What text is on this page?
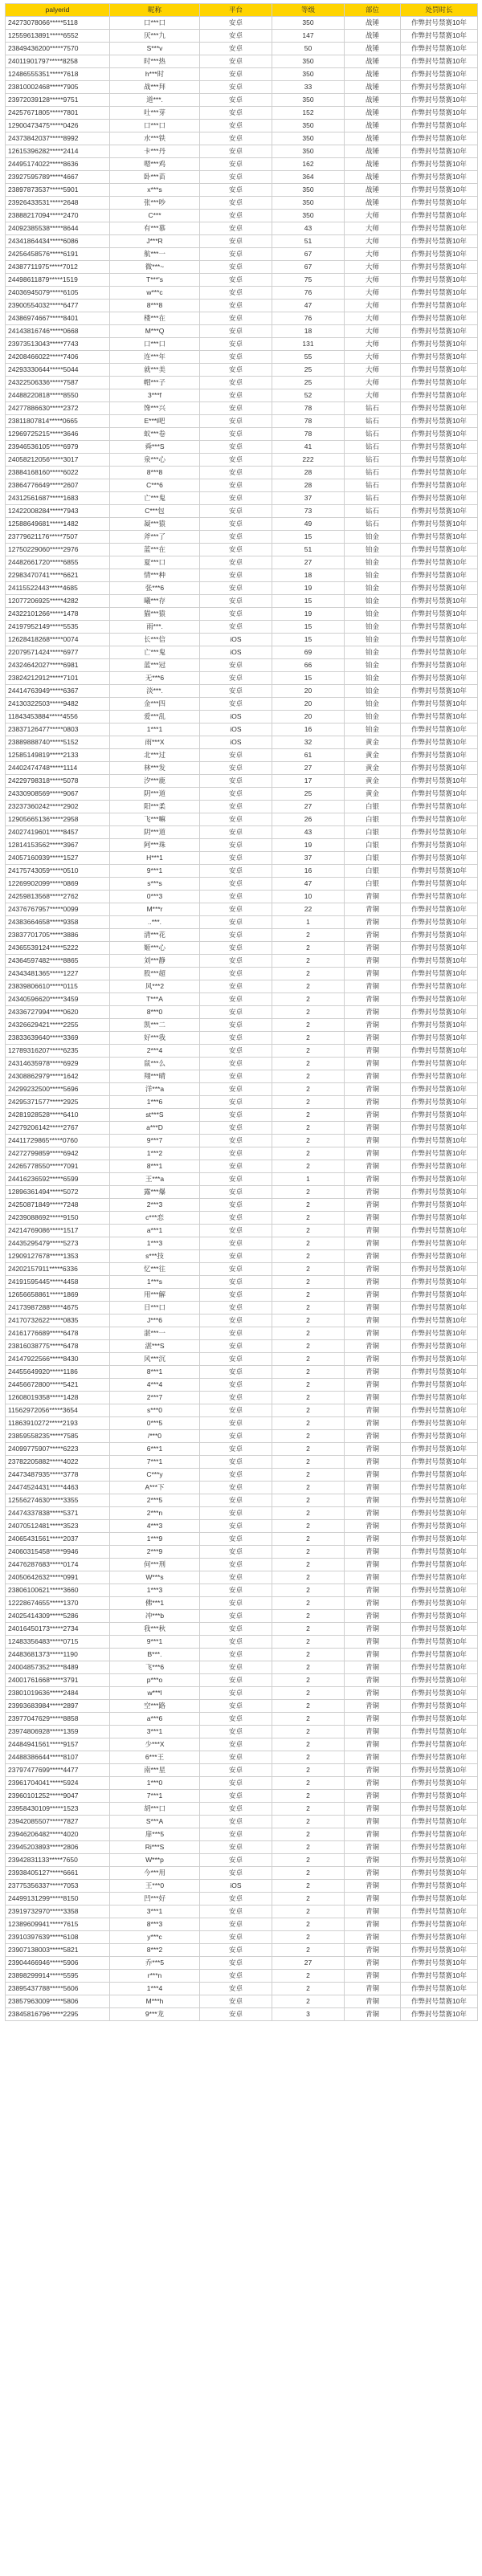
palyerid	昵称	平台	等级	部位	处罚时长
24273078066*****5118	口***口	安卓	350	战锤	作弊封号禁赛10年
12559613891*****6552	厌***九	安卓	147	战锤	作弊封号禁赛10年
23849436200*****7570	S***v	安卓	50	战锤	作弊封号禁赛10年
24011901797*****8258	时***热	安卓	350	战锤	作弊封号禁赛10年
12486555351*****7618	h***时	安卓	350	战锤	作弊封号禁赛10年
23810002468*****7905	战***拜	安卓	33	战锤	作弊封号禁赛10年
23972039128*****9751	道***.	安卓	350	战锤	作弊封号禁赛10年
24257671805*****7801	吐***芽	安卓	152	战锤	作弊封号禁赛10年
12900473475*****0426	口***口	安卓	350	战锤	作弊封号禁赛10年
24373842037*****8992	水***铁	安卓	350	战锤	作弊封号禁赛10年
12615396282*****2414	卡***丹	安卓	350	战锤	作弊封号禁赛10年
24495174022*****8636	嗯***鸡	安卓	162	战锤	作弊封号禁赛10年
23927595789*****4667	卧***苗	安卓	364	战锤	作弊封号禁赛10年
23897873537*****5901	x***s	安卓	350	战锤	作弊封号禁赛10年
23926433531*****2648	张***吵	安卓	350	战锤	作弊封号禁赛10年
23888217094*****2470	C***	安卓	350	大师	作弊封号禁赛10年
24092385538*****8644	有***慕	安卓	43	大师	作弊封号禁赛10年
24341864434*****6086	J***R	安卓	51	大师	作弊封号禁赛10年
24256458576*****6191	航***一	安卓	67	大师	作弊封号禁赛10年
24387711975*****7012	微***~	安卓	67	大师	作弊封号禁赛10年
24498611879*****1519	T***'s	安卓	75	大师	作弊封号禁赛10年
24036945079*****6105	w***c	安卓	76	大师	作弊封号禁赛10年
23900554032*****6477	8***8	安卓	47	大师	作弊封号禁赛10年
24386974667*****8401	楼***在	安卓	76	大师	作弊封号禁赛10年
24143816746*****0668	M***Q	安卓	18	大师	作弊封号禁赛10年
23973513043*****7743	口***口	安卓	131	大师	作弊封号禁赛10年
24208466022*****7406	连***年	安卓	55	大师	作弊封号禁赛10年
24293330644*****5044	就***美	安卓	25	大师	作弊封号禁赛10年
24322506336*****7587	帽***子	安卓	25	大师	作弊封号禁赛10年
24488220818*****8550	3***f	安卓	52	大师	作弊封号禁赛10年
24277886630*****2372	馋***兴	安卓	78	钻石	作弊封号禁赛10年
23811807814*****0665	E***l吧	安卓	78	钻石	作弊封号禁赛10年
12969725215*****3646	蚁***卷	安卓	78	钻石	作弊封号禁赛10年
23946536105*****6979	舜***S	安卓	41	钻石	作弊封号禁赛10年
24058212056*****3017	泉***心	安卓	222	钻石	作弊封号禁赛10年
23884168160*****6022	8***8	安卓	28	钻石	作弊封号禁赛10年
23864776649*****2607	C***6	安卓	28	钻石	作弊封号禁赛10年
24312561687*****1683	亡***鬼	安卓	37	钻石	作弊封号禁赛10年
12422008284*****7943	C***包	安卓	73	钻石	作弊封号禁赛10年
12588649681*****1482	凝***猿	安卓	49	钻石	作弊封号禁赛10年
23779621176*****7507	斧***了	安卓	15	铂金	作弊封号禁赛10年
12750229060*****2976	蓝***在	安卓	51	铂金	作弊封号禁赛10年
24482661720*****6855	夏***口	安卓	27	铂金	作弊封号禁赛10年
22983470741*****6621	情***种	安卓	18	铂金	作弊封号禁赛10年
24115522443*****4685	张***6	安卓	19	铂金	作弊封号禁赛10年
12077206925*****4282	曦***存	安卓	15	铂金	作弊封号禁赛10年
24322101266*****1478	猫***猿	安卓	19	铂金	作弊封号禁赛10年
24197952149*****5535	雨***.	安卓	15	铂金	作弊封号禁赛10年
12628418268*****0074	长***信	iOS	15	铂金	作弊封号禁赛10年
22079571424*****6977	亡***鬼	iOS	69	铂金	作弊封号禁赛10年
24324642027*****6981	蓝***冠	安卓	66	铂金	作弊封号禁赛10年
23824212912*****7101	无***6	安卓	15	铂金	作弊封号禁赛10年
24414763949*****6367	淡***.	安卓	20	铂金	作弊封号禁赛10年
24130322503*****9482	金***四	安卓	20	铂金	作弊封号禁赛10年
11843453884*****4556	爱***乱	iOS	20	铂金	作弊封号禁赛10年
23837126477*****0803	1***1	iOS	16	铂金	作弊封号禁赛10年
23889888740*****5152	雨***X	iOS	32	黄金	作弊封号禁赛10年
12585149819*****2133	北***过	安卓	61	黄金	作弊封号禁赛10年
24402474748*****1114	林***发	安卓	27	黄金	作弊封号禁赛10年
24229798318*****5078	汐***鹿	安卓	17	黄金	作弊封号禁赛10年
24330908569*****9067	阴***道	安卓	25	黄金	作弊封号禁赛10年
23237360242*****2902	阳***柔	安卓	27	白银	作弊封号禁赛10年
12905665136*****2958	飞***嘛	安卓	26	白银	作弊封号禁赛10年
24027419601*****8457	阴***道	安卓	43	白银	作弊封号禁赛10年
12814153562*****3967	阿***珠	安卓	19	白银	作弊封号禁赛10年
24057160939*****1527	H***1	安卓	37	白银	作弊封号禁赛10年
24175743059*****0510	9***1	安卓	16	白银	作弊封号禁赛10年
12269902099*****0869	s***s	安卓	47	白银	作弊封号禁赛10年
24259813568*****2762	0***3	安卓	10	青铜	作弊封号禁赛10年
24376767957*****0099	M***r	安卓	22	青铜	作弊封号禁赛10年
24383664658*****9358	..***.	安卓	1	青铜	作弊封号禁赛10年
23837701705*****3886	清***花	安卓	2	青铜	作弊封号禁赛10年
24365539124*****5222	姬***心	安卓	2	青铜	作弊封号禁赛10年
24364597482*****8865	刘***静	安卓	2	青铜	作弊封号禁赛10年
24343481365*****1227	股***超	安卓	2	青铜	作弊封号禁赛10年
23839806610*****0115	风***2	安卓	2	青铜	作弊封号禁赛10年
24340596620*****3459	T***A	安卓	2	青铜	作弊封号禁赛10年
24336727994*****0620	8***0	安卓	2	青铜	作弊封号禁赛10年
24326629421*****2255	凯***二	安卓	2	青铜	作弊封号禁赛10年
23833639640*****3369	好***我	安卓	2	青铜	作弊封号禁赛10年
12789316207*****6235	2***4	安卓	2	青铜	作弊封号禁赛10年
24314635978*****6929	鼠***么	安卓	2	青铜	作弊封号禁赛10年
24308862979*****1642	翔***晴	安卓	2	青铜	作弊封号禁赛10年
24299232500*****5696	洋***a	安卓	2	青铜	作弊封号禁赛10年
24295371577*****2925	1***6	安卓	2	青铜	作弊封号禁赛10年
24281928528*****6410	st***S	安卓	2	青铜	作弊封号禁赛10年
24279206142*****2767	a***D	安卓	2	青铜	作弊封号禁赛10年
24411729865*****0760	9***7	安卓	2	青铜	作弊封号禁赛10年
24272799859*****6942	1***2	安卓	2	青铜	作弊封号禁赛10年
24265778550*****7091	8***1	安卓	2	青铜	作弊封号禁赛10年
24416236592*****6599	王***a	安卓	1	青铜	作弊封号禁赛10年
12896361494*****5072	露***爆	安卓	2	青铜	作弊封号禁赛10年
24250871849*****7248	2***3	安卓	2	青铜	作弊封号禁赛10年
24239088692*****9150	c***恋	安卓	2	青铜	作弊封号禁赛10年
24214769086*****1517	a***1	安卓	2	青铜	作弊封号禁赛10年
24435295479*****5273	1***3	安卓	2	青铜	作弊封号禁赛10年
12909127678*****1353	s***技	安卓	2	青铜	作弊封号禁赛10年
24202157911*****6336	忆***往	安卓	2	青铜	作弊封号禁赛10年
24191595445*****4458	1***s	安卓	2	青铜	作弊封号禁赛10年
12656658861*****1869	用***解	安卓	2	青铜	作弊封号禁赛10年
24173987288*****4675	日***口	安卓	2	青铜	作弊封号禁赛10年
24170732622*****0835	J***6	安卓	2	青铜	作弊封号禁赛10年
24161776689*****6478	湛***一	安卓	2	青铜	作弊封号禁赛10年
23816038775*****6478	湛***S	安卓	2	青铜	作弊封号禁赛10年
24147922566*****8430	风***沉	安卓	2	青铜	作弊封号禁赛10年
24455649920*****1186	8***1	安卓	2	青铜	作弊封号禁赛10年
24456672800*****5421	4***4	安卓	2	青铜	作弊封号禁赛10年
12608019358*****1428	2***7	安卓	2	青铜	作弊封号禁赛10年
11562972056*****3654	s***0	安卓	2	青铜	作弊封号禁赛10年
11863910272*****2193	0***5	安卓	2	青铜	作弊封号禁赛10年
23859558235*****7585	/***0	安卓	2	青铜	作弊封号禁赛10年
24099775907*****6223	6***1	安卓	2	青铜	作弊封号禁赛10年
23782205882*****4022	7***1	安卓	2	青铜	作弊封号禁赛10年
24473487935*****3778	C***y	安卓	2	青铜	作弊封号禁赛10年
24474524431*****4463	A***下	安卓	2	青铜	作弊封号禁赛10年
12556274630*****3355	2***5	安卓	2	青铜	作弊封号禁赛10年
24474337838*****5371	2***n	安卓	2	青铜	作弊封号禁赛10年
24070512481*****3523	4***3	安卓	2	青铜	作弊封号禁赛10年
24065431561*****2037	1***9	安卓	2	青铜	作弊封号禁赛10年
24060315458*****9946	2***9	安卓	2	青铜	作弊封号禁赛10年
24476287683*****0174	何***刑	安卓	2	青铜	作弊封号禁赛10年
24050642632*****0991	W***s	安卓	2	青铜	作弊封号禁赛10年
23806100621*****3660	1***3	安卓	2	青铜	作弊封号禁赛10年
12228674655*****1370	佛***1	安卓	2	青铜	作弊封号禁赛10年
24025414309*****5286	冲***b	安卓	2	青铜	作弊封号禁赛10年
24016450173*****2734	我***秋	安卓	2	青铜	作弊封号禁赛10年
12483356483*****0715	9***1	安卓	2	青铜	作弊封号禁赛10年
24483681373*****1190	B***.	安卓	2	青铜	作弊封号禁赛10年
24004857352*****8489	飞***6	安卓	2	青铜	作弊封号禁赛10年
24001761668*****3791	p***o	安卓	2	青铜	作弊封号禁赛10年
23801019636*****2484	w***l	安卓	2	青铜	作弊封号禁赛10年
23993683984*****2897	空***路	安卓	2	青铜	作弊封号禁赛10年
23977047629*****8858	a***6	安卓	2	青铜	作弊封号禁赛10年
23974806928*****1359	3***1	安卓	2	青铜	作弊封号禁赛10年
24484941561*****9157	少***X	安卓	2	青铜	作弊封号禁赛10年
24488386644*****8107	6***王	安卓	2	青铜	作弊封号禁赛10年
23797477699*****4477	南***星	安卓	2	青铜	作弊封号禁赛10年
23961704041*****5924	1***0	安卓	2	青铜	作弊封号禁赛10年
23960101252*****9047	7***1	安卓	2	青铜	作弊封号禁赛10年
23958430109*****1523	胡***口	安卓	2	青铜	作弊封号禁赛10年
23942085507*****7827	S***A	安卓	2	青铜	作弊封号禁赛10年
23946206482*****4020	扉***5	安卓	2	青铜	作弊封号禁赛10年
23945203893*****2806	Ri***S	安卓	2	青铜	作弊封号禁赛10年
23942831133*****7650	W***p	安卓	2	青铜	作弊封号禁赛10年
23938405127*****6661	今***用	安卓	2	青铜	作弊封号禁赛10年
23775356337*****7053	王***0	iOS	2	青铜	作弊封号禁赛10年
24499131299*****8150	凹***好	安卓	2	青铜	作弊封号禁赛10年
23919732970*****3358	3***1	安卓	2	青铜	作弊封号禁赛10年
12389609941*****7615	8***3	安卓	2	青铜	作弊封号禁赛10年
23910397639*****6108	y***c	安卓	2	青铜	作弊封号禁赛10年
23907138003*****5821	8***2	安卓	2	青铜	作弊封号禁赛10年
23904466946*****5906	乔***5	安卓	27	青铜	作弊封号禁赛10年
23898299914*****5595	r***n	安卓	2	青铜	作弊封号禁赛10年
23895437788*****5606	1***4	安卓	2	青铜	作弊封号禁赛10年
23857963009*****5806	M***h	安卓	2	青铜	作弊封号禁赛10年
23845816796*****2295	9***龙	安卓	3	青铜	作弊封号禁赛10年
